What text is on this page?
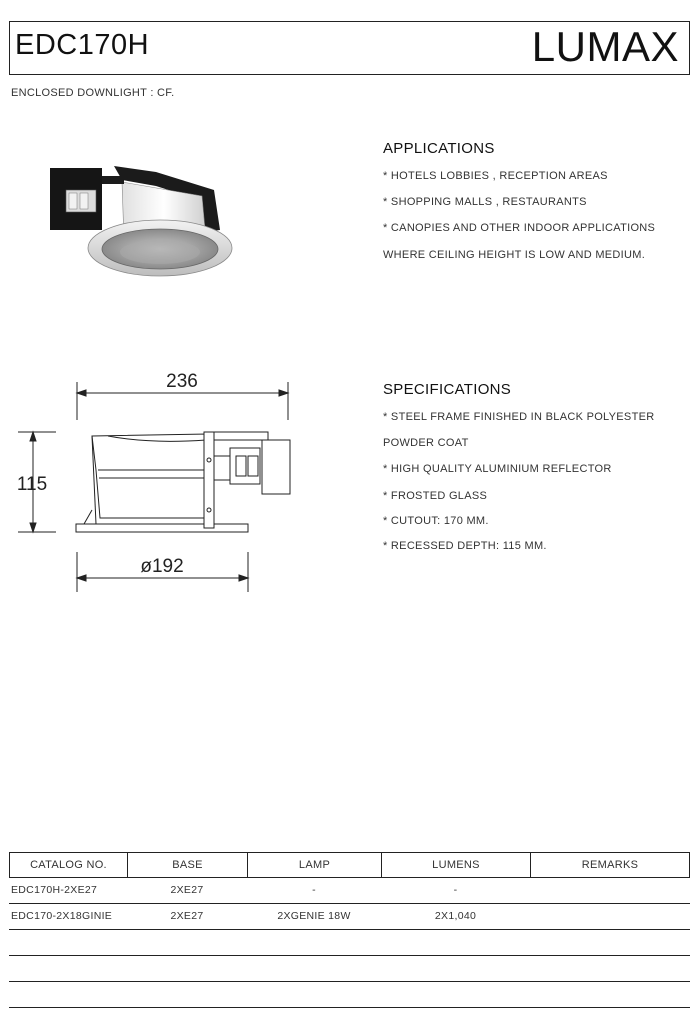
EDC170H	LUMAX
ENCLOSED DOWNLIGHT : CF.
APPLICATIONS
* HOTELS LOBBIES , RECEPTION AREAS
* SHOPPING MALLS , RESTAURANTS
* CANOPIES AND OTHER INDOOR APPLICATIONS
WHERE CEILING HEIGHT IS LOW AND MEDIUM.
236
115
ø192
SPECIFICATIONS
* STEEL FRAME FINISHED IN BLACK POLYESTER
POWDER COAT
* HIGH QUALITY ALUMINIUM REFLECTOR
* FROSTED GLASS
* CUTOUT: 170 MM.
* RECESSED DEPTH: 115 MM.
CATALOG NO.	BASE	LAMP	LUMENS	REMARKS
EDC170H-2XE27	2XE27	-	-
EDC170-2X18GINIE	2XE27	2XGENIE 18W	2X1,040
